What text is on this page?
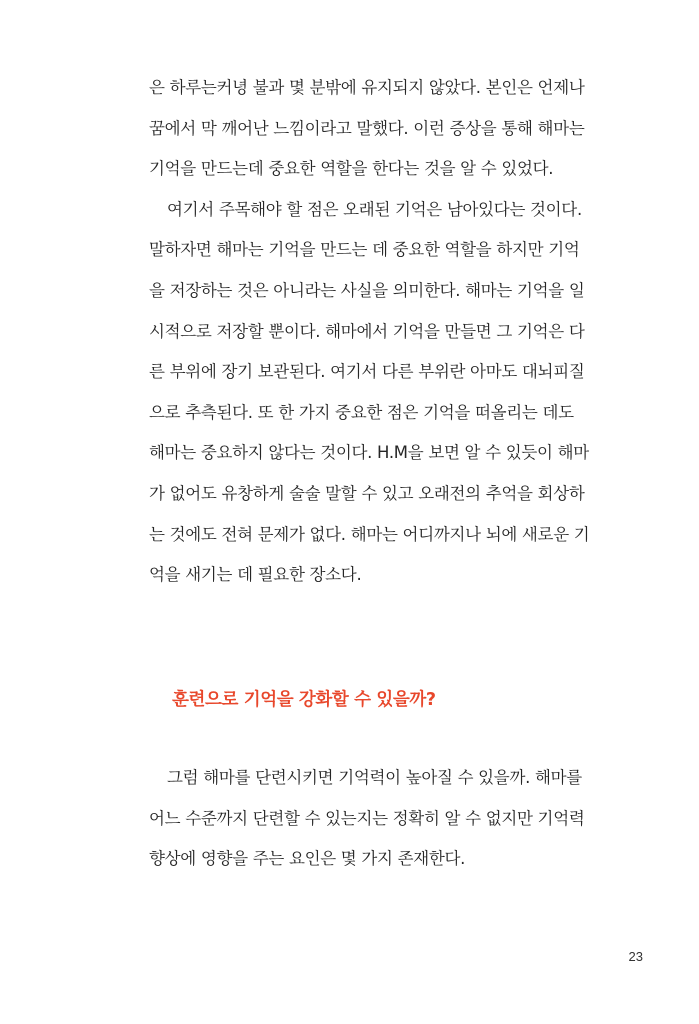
은 하루는커녕 불과 몇 분밖에 유지되지 않았다. 본인은 언제나
꿈에서 막 깨어난 느낌이라고 말했다. 이런 증상을 통해 해마는
기억을 만드는데 중요한 역할을 한다는 것을 알 수 있었다.
여기서 주목해야 할 점은 오래된 기억은 남아있다는 것이다.
말하자면 해마는 기억을 만드는 데 중요한 역할을 하지만 기억
을 저장하는 것은 아니라는 사실을 의미한다. 해마는 기억을 일
시적으로 저장할 뿐이다. 해마에서 기억을 만들면 그 기억은 다
른 부위에 장기 보관된다. 여기서 다른 부위란 아마도 대뇌피질
으로 추측된다. 또 한 가지 중요한 점은 기억을 떠올리는 데도
해마는 중요하지 않다는 것이다. H.M을 보면 알 수 있듯이 해마
가 없어도 유창하게 술술 말할 수 있고 오래전의 추억을 회상하
는 것에도 전혀 문제가 없다. 해마는 어디까지나 뇌에 새로운 기
억을 새기는 데 필요한 장소다.
훈련으로 기억을 강화할 수 있을까?
그럼 해마를 단련시키면 기억력이 높아질 수 있을까. 해마를
어느 수준까지 단련할 수 있는지는 정확히 알 수 없지만 기억력
향상에 영향을 주는 요인은 몇 가지 존재한다.
23
